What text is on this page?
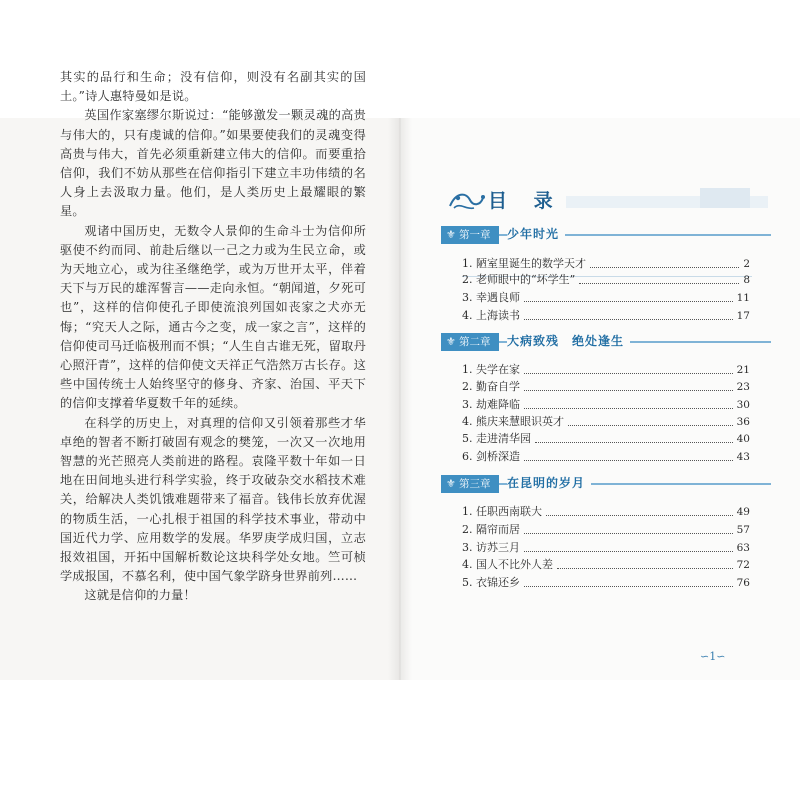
其实的品行和生命；没有信仰，则没有名副其实的国土。”诗人惠特曼如是说。

英国作家塞缪尔斯说过：“能够激发一颗灵魂的高贵与伟大的，只有虔诚的信仰。”如果要使我们的灵魂变得高贵与伟大，首先必须重新建立伟大的信仰。而要重拾信仰，我们不妨从那些在信仰指引下建立丰功伟绩的名人身上去汲取力量。他们，是人类历史上最耀眼的繁星。

观诸中国历史，无数令人景仰的生命斗士为信仰所驱使不约而同、前赴后继以一己之力或为生民立命，或为天地立心，或为往圣继绝学，或为万世开太平，伴着天下与万民的雄浑誓言——走向永恒。“朝闻道，夕死可也”，这样的信仰使孔子即使流浪列国如丧家之犬亦无悔；“究天人之际，通古今之变，成一家之言”，这样的信仰使司马迁临极刑而不惧；“人生自古谁无死，留取丹心照汗青”，这样的信仰使文天祥正气浩然万古长存。这些中国传统士人始终坚守的修身、齐家、治国、平天下的信仰支撑着华夏数千年的延续。

在科学的历史上，对真理的信仰又引领着那些才华卓绝的智者不断打破固有观念的樊笼，一次又一次地用智慧的光芒照亮人类前进的路程。袁隆平数十年如一日地在田间地头进行科学实验，终于攻破杂交水稻技术难关，给解决人类饥饿难题带来了福音。钱伟长放弃优渥的物质生活，一心扎根于祖国的科学技术事业，带动中国近代力学、应用数学的发展。华罗庚学成归国，立志报效祖国，开拓中国解析数论这块科学处女地。竺可桢学成报国，不慕名利，使中国气象学跻身世界前列……

这就是信仰的力量！

目 录
⚜ 第一章 少年时光
1. 陋室里诞生的数学天才	2
2. 老师眼中的“坏学生”	8
3. 幸遇良师	11
4. 上海读书	17
⚜ 第二章 大病致残　绝处逢生
1. 失学在家	21
2. 勤奋自学	23
3. 劫难降临	30
4. 熊庆来慧眼识英才	36
5. 走进清华园	40
6. 剑桥深造	43
⚜ 第三章 在昆明的岁月
1. 任职西南联大	49
2. 隔帘而居	57
3. 访苏三月	63
4. 国人不比外人差	72
5. 衣锦还乡	76
∽1∽
